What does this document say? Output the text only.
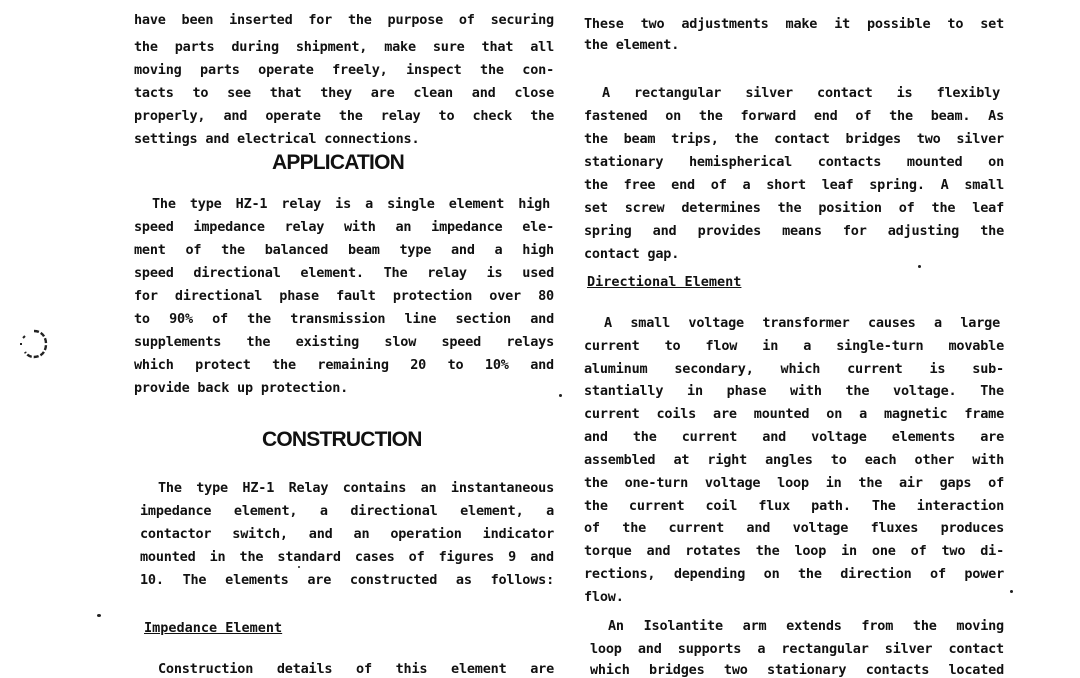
have been inserted for the purpose of securing
the parts during shipment, make sure that all
moving parts operate freely, inspect the con-
tacts to see that they are clean and close
properly, and operate the relay to check the
settings and electrical connections.
APPLICATION
The type HZ-1 relay is a single element high
speed impedance relay with an impedance ele-
ment of the balanced beam type and a high
speed directional element. The relay is used
for directional phase fault protection over 80
to 90% of the transmission line section and
supplements the existing slow speed relays
which protect the remaining 20 to 10% and
provide back up protection.
CONSTRUCTION
The type HZ-1 Relay contains an instantaneous
impedance element, a directional element, a
contactor switch, and an operation indicator
mounted in the standard cases of figures 9 and
10. The elements are constructed as follows:
Impedance Element
Construction details of this element are
These two adjustments make it possible to set
the element.
A rectangular silver contact is flexibly
fastened on the forward end of the beam. As
the beam trips, the contact bridges two silver
stationary hemispherical contacts mounted on
the free end of a short leaf spring. A small
set screw determines the position of the leaf
spring and provides means for adjusting the
contact gap.
Directional Element
A small voltage transformer causes a large
current to flow in a single-turn movable
aluminum secondary, which current is sub-
stantially in phase with the voltage. The
current coils are mounted on a magnetic frame
and the current and voltage elements are
assembled at right angles to each other with
the one-turn voltage loop in the air gaps of
the current coil flux path. The interaction
of the current and voltage fluxes produces
torque and rotates the loop in one of two di-
rections, depending on the direction of power
flow.
An Isolantite arm extends from the moving
loop and supports a rectangular silver contact
which bridges two stationary contacts located
